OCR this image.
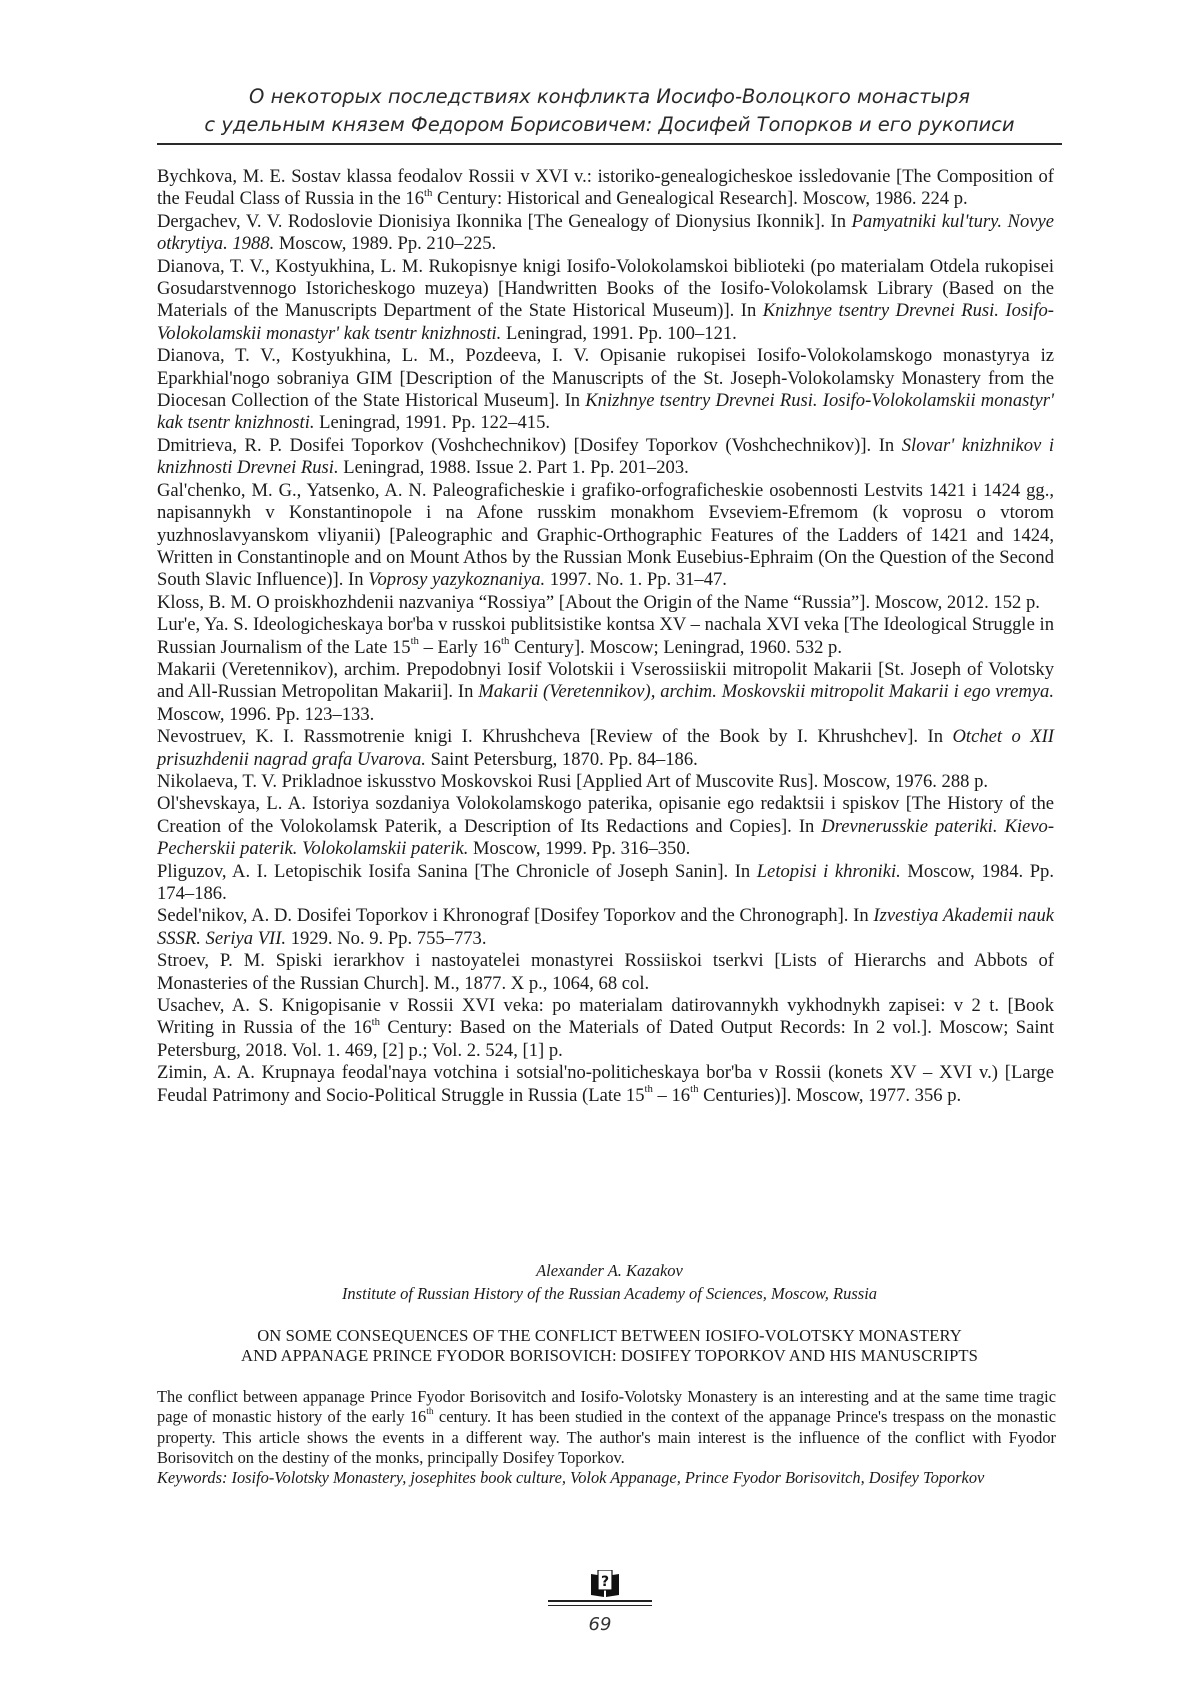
О некоторых последствиях конфликта Иосифо-Волоцкого монастыря
с удельным князем Федором Борисовичем: Досифей Топорков и его рукописи

Bychkova, M. E. Sostav klassa feodalov Rossii v XVI v.: istoriko-genealogicheskoe issledovanie [The Com­position of the Feudal Class of Russia in the 16th Century: Historical and Genealogical Research]. Moscow, 1986. 224 p.

Dergachev, V. V. Rodoslovie Dionisiya Ikonnika [The Genealogy of Dionysius Ikonnik]. In Pamyatniki kul'tu­ry. Novye otkrytiya. 1988. Moscow, 1989. Pp. 210–225.

Dianova, T. V., Kostyukhina, L. M. Rukopisnye knigi Iosifo-Volokolamskoi biblioteki (po materialam Otde­la rukopisei Gosudarstvennogo Istoricheskogo muzeya) [Handwritten Books of the Iosifo-Volokolamsk Li­brary (Based on the Materials of the Manuscripts Department of the State Historical Museum)]. In Knizhnye tsentry Drevnei Rusi. Iosifo-Volokolamskii monastyr' kak tsentr knizhnosti. Leningrad, 1991. Pp. 100–121.

Dianova, T. V., Kostyukhina, L. M., Pozdeeva, I. V. Opisanie rukopisei Iosifo-Volokolamskogo monastyrya iz Eparkhial'nogo sobraniya GIM [Description of the Manuscripts of the St. Joseph-Volokolamsky Monastery from the Diocesan Collection of the State Historical Museum]. In Knizhnye tsentry Drevnei Rusi. Iosifo-Volokol­amskii monastyr' kak tsentr knizhnosti. Leningrad, 1991. Pp. 122–415.

Dmitrieva, R. P. Dosifei Toporkov (Voshchechnikov) [Dosifey Toporkov (Voshchechnikov)]. In Slovar' knizhnikov i knizhnosti Drevnei Rusi. Leningrad, 1988. Issue 2. Part 1. Pp. 201–203.

Gal'chenko, M. G., Yatsenko, A. N. Paleograficheskie i grafiko-orfograficheskie osobennosti Lestvits 1421 i 1424 gg., napisannykh v Konstantinopole i na Afone russkim monakhom Evseviem-Efremom (k voprosu o vtorom yuzhnoslavyanskom vliyanii) [Paleographic and Graphic-Orthographic Features of the Ladders of 1421 and 1424, Written in Constantinople and on Mount Athos by the Russian Monk Eusebius-Ephraim (On the Question of the Second South Slavic Influence)]. In Voprosy yazykoznaniya. 1997. No. 1. Pp. 31–47.

Kloss, B. M. O proiskhozhdenii nazvaniya “Rossiya” [About the Origin of the Name “Russia”]. Moscow, 2012. 152 p.

Lur'e, Ya. S. Ideologicheskaya bor'ba v russkoi publitsistike kontsa XV – nachala XVI veka [The Ideological Struggle in Russian Journalism of the Late 15th – Early 16th Century]. Moscow; Leningrad, 1960. 532 p.

Makarii (Veretennikov), archim. Prepodobnyi Iosif Volotskii i Vserossiiskii mitropolit Makarii [St. Joseph of Volotsky and All-Russian Metropolitan Makarii]. In Makarii (Veretennikov), archim. Moskovskii mitropolit Makarii i ego vremya. Moscow, 1996. Pp. 123–133.

Nevostruev, K. I. Rassmotrenie knigi I. Khrushcheva [Review of the Book by I. Khrushchev]. In Otchet o XII prisuzhdenii nagrad grafa Uvarova. Saint Petersburg, 1870. Pp. 84–186.

Nikolaeva, T. V. Prikladnoe iskusstvo Moskovskoi Rusi [Applied Art of Muscovite Rus]. Moscow, 1976. 288 p.

Ol'shevskaya, L. A. Istoriya sozdaniya Volokolamskogo paterika, opisanie ego redaktsii i spiskov [The History of the Creation of the Volokolamsk Paterik, a Description of Its Redactions and Copies]. In Drevnerusskie pateriki. Kievo-Pecherskii paterik. Volokolamskii paterik. Moscow, 1999. Pp. 316–350.

Pliguzov, A. I. Letopischik Iosifa Sanina [The Chronicle of Joseph Sanin]. In Letopisi i khroniki. Moscow, 1984. Pp. 174–186.

Sedel'nikov, A. D. Dosifei Toporkov i Khronograf [Dosifey Toporkov and the Chronograph]. In Izvestiya Ak­ademii nauk SSSR. Seriya VII. 1929. No. 9. Pp. 755–773.

Stroev, P. M. Spiski ierarkhov i nastoyatelei monastyrei Rossiiskoi tserkvi [Lists of Hierarchs and Abbots of Monasteries of the Russian Church]. M., 1877. X p., 1064, 68 col.

Usachev, A. S. Knigopisanie v Rossii XVI veka: po materialam datirovannykh vykhodnykh zapisei: v 2 t. [Book Writing in Russia of the 16th Century: Based on the Materials of Dated Output Records: In 2 vol.]. Moscow; Saint Petersburg, 2018. Vol. 1. 469, [2] p.; Vol. 2. 524, [1] p.

Zimin, A. A. Krupnaya feodal'naya votchina i sotsial'no-politicheskaya bor'ba v Rossii (konets XV – XVI v.) [Large Feudal Patrimony and Socio-Political Struggle in Russia (Late 15th – 16th Centuries)]. Moscow, 1977. 356 p.

Alexander A. Kazakov
Institute of Russian History of the Russian Academy of Sciences, Moscow, Russia
ON SOME CONSEQUENCES OF THE CONFLICT BETWEEN IOSIFO-VOLOTSKY MONASTERY
AND APPANAGE PRINCE FYODOR BORISOVICH: DOSIFEY TOPORKOV AND HIS MANUSCRIPTS
The conflict between appanage Prince Fyodor Borisovitch and Iosifo-Volotsky Monastery is an interesting and at the same time tragic page of monastic history of the early 16th century. It has been studied in the context of the appanage Prince's trespass on the monastic property. This article shows the events in a different way. The author's main interest is the influence of the conflict with Fyodor Borisovitch on the destiny of the monks, principally Dosifey Toporkov.
Keywords: Iosifo-Volotsky Monastery, josephites book culture, Volok Appanage, Prince Fyodor Borisovitch, Dosifey Toporkov
?
69
